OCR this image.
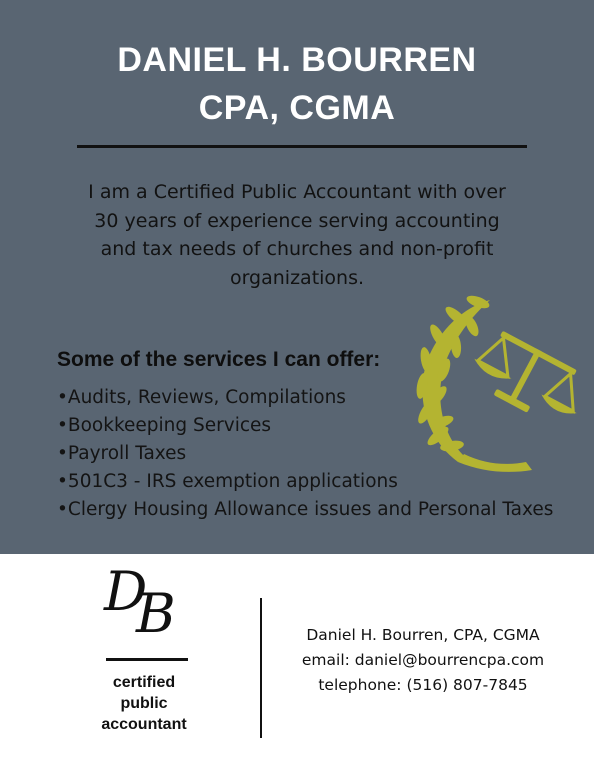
DANIEL H. BOURREN
CPA, CGMA
I am a Certified Public Accountant with over
30 years of experience serving accounting
and tax needs of churches and non-profit
organizations.
Some of the services I can offer:
• Audits, Reviews, Compilations
• Bookkeeping Services
• Payroll Taxes
• 501C3 - IRS exemption applications
• Clergy Housing Allowance issues and Personal Taxes
D
B
certified
public
accountant
Daniel H. Bourren, CPA, CGMA
email: daniel@bourrencpa.com
telephone: (516) 807-7845
